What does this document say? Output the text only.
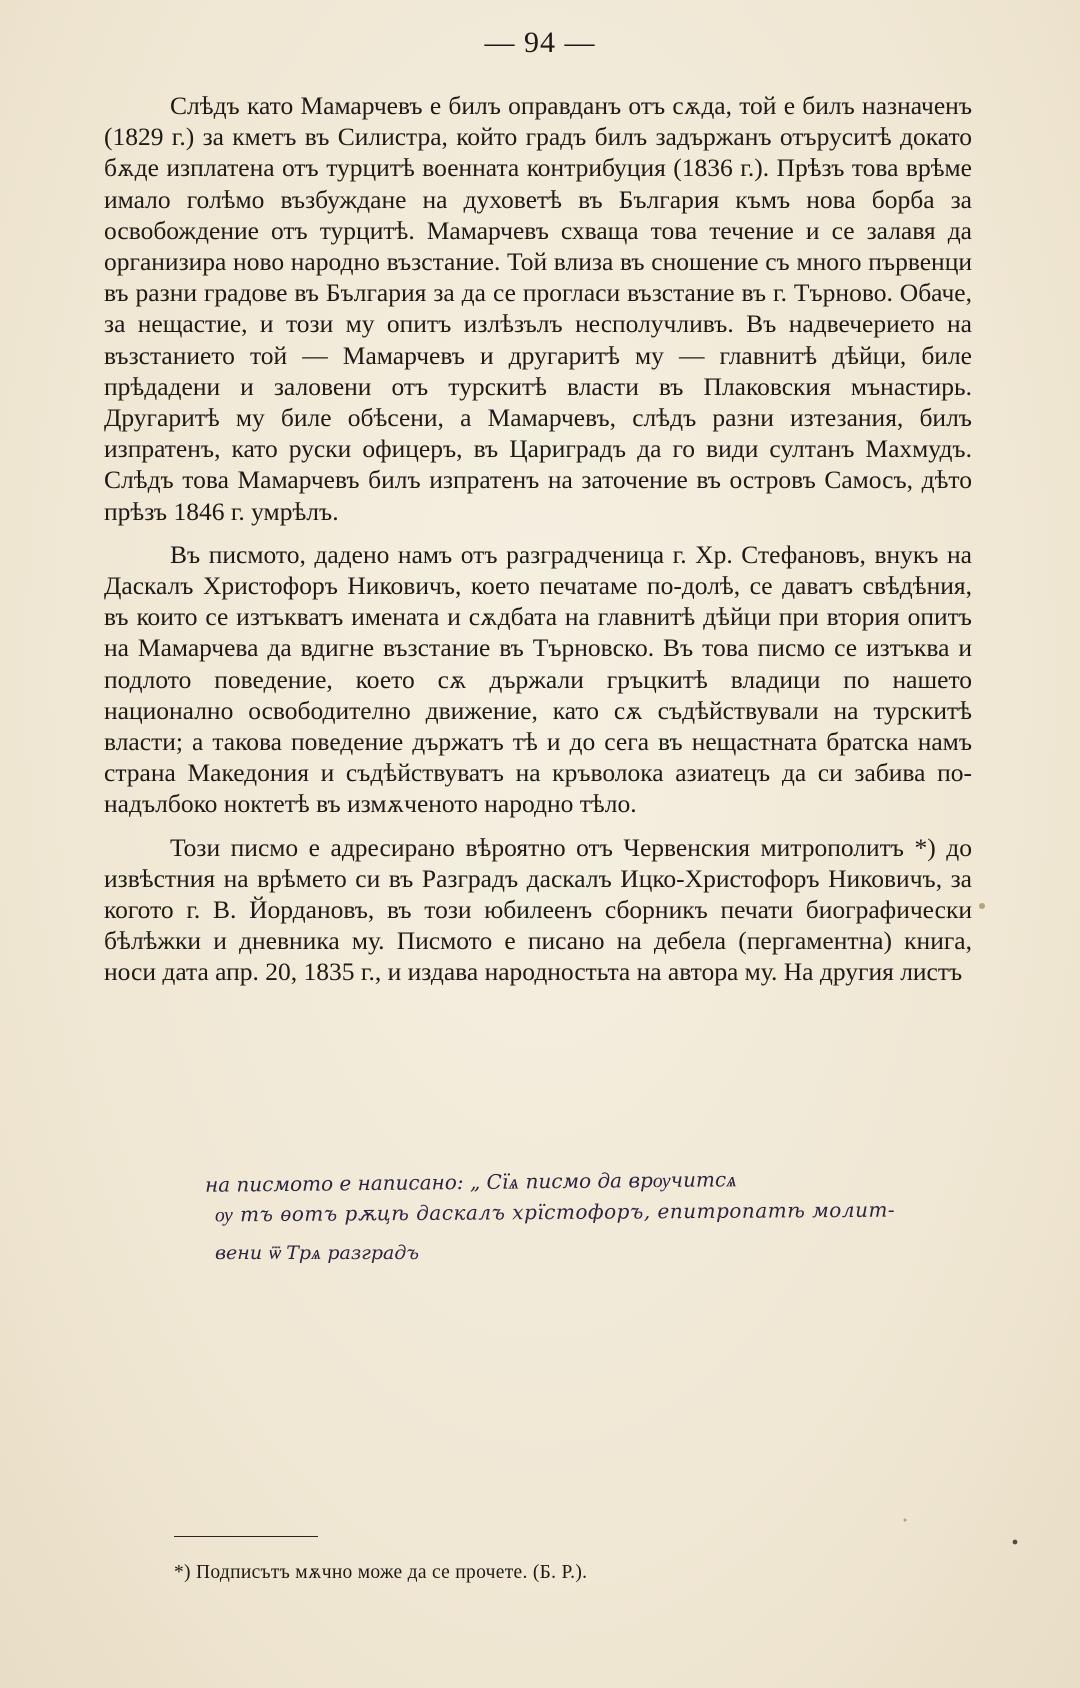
— 94 —

Слѣдъ като Мамарчевъ е билъ оправданъ отъ сѫда, той е билъ назначенъ (1829 г.) за кметъ въ Силистра, който градъ билъ задържанъ отъруситѣ докато бѫде изплатена отъ турцитѣ военната контрибуция (1836 г.). Прѣзъ това врѣме имало голѣмо възбуждане на духоветѣ въ България къмъ нова борба за освобождение отъ турцитѣ. Мамарчевъ схваща това течение и се залавя да организира ново народно възстание. Той влиза въ сношение съ много първенци въ разни градове въ България за да се прогласи възстание въ г. Търново. Обаче, за нещастие, и този му опитъ излѣзълъ несполучливъ. Въ надвечерието на възстанието той — Мамарчевъ и другаритѣ му — главнитѣ дѣйци, биле прѣдадени и заловени отъ турскитѣ власти въ Плаковския мънастирь. Другаритѣ му биле обѣсени, а Мамарчевъ, слѣдъ разни изтезания, билъ изпратенъ, като руски офицеръ, въ Цариградъ да го види султанъ Махмудъ. Слѣдъ това Мамарчевъ билъ изпратенъ на заточение въ островъ Самосъ, дѣто прѣзъ 1846 г. умрѣлъ.

Въ писмото, дадено намъ отъ разградченица г. Хр. Стефановъ, внукъ на Даскалъ Христофоръ Никовичъ, което печатаме по-долѣ, се даватъ свѣдѣния, въ които се изтъкватъ имената и сѫдбата на главнитѣ дѣйци при втория опитъ на Мамарчева да вдигне възстание въ Търновско. Въ това писмо се изтъква и подлото поведение, което сѫ държали гръцкитѣ владици по нашето национално освободително движение, като сѫ съдѣйствували на турскитѣ власти; а такова поведение държатъ тѣ и до сега въ нещастната братска намъ страна Македония и съдѣйствуватъ на кръволока азиатецъ да си забива по-надълбоко ноктетѣ въ измѫченото народно тѣло.

Този писмо е адресирано вѣроятно отъ Червенския митрополитъ *) до извѣстния на врѣмето си въ Разградъ даскалъ Ицко-Христофоръ Никовичъ, за когото г. В. Йордановъ, въ този юбилеенъ сборникъ печати биографически бѣлѣжки и дневника му. Писмото е писано на дебела (пергаментна) книга, носи дата апр. 20, 1835 г., и издава народностьта на автора му. На другия листъ

на писмото е написано: „ Сїѧ писмо да врѹчитсѧ
ѹ тъ ѳотъ рѫцѣ даскалъ хрїстофоръ, епитропатѣ молит-
вени ѿ Трѧ разградъ
*) Подписътъ мѫчно може да се прочете. (Б. Р.).
